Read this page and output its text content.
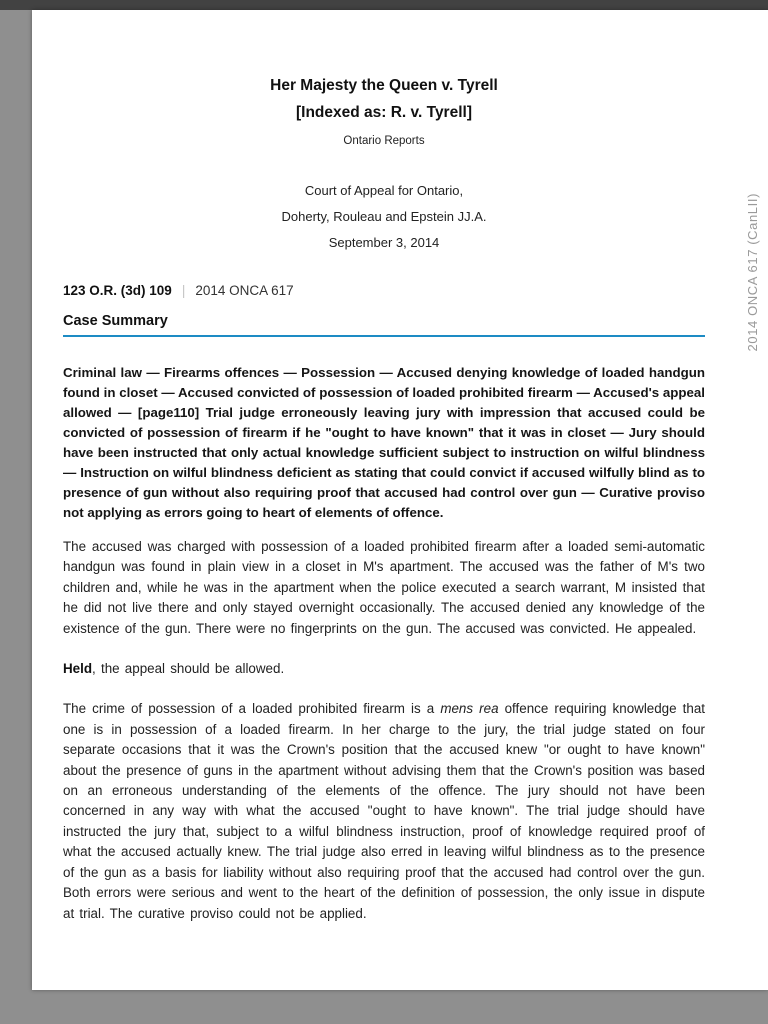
2014 ONCA 617 (CanLII)
Her Majesty the Queen v. Tyrell
[Indexed as: R. v. Tyrell]
Ontario Reports
Court of Appeal for Ontario,
Doherty, Rouleau and Epstein JJ.A.
September 3, 2014
123 O.R. (3d) 109 | 2014 ONCA 617
Case Summary

Criminal law — Firearms offences — Possession — Accused denying knowledge of loaded handgun found in closet — Accused convicted of possession of loaded prohibited firearm — Accused's appeal allowed — [page110] Trial judge erroneously leaving jury with impression that accused could be convicted of possession of firearm if he "ought to have known" that it was in closet — Jury should have been instructed that only actual knowledge sufficient subject to instruction on wilful blindness — Instruction on wilful blindness deficient as stating that could convict if accused wilfully blind as to presence of gun without also requiring proof that accused had control over gun — Curative proviso not applying as errors going to heart of elements of offence.

The accused was charged with possession of a loaded prohibited firearm after a loaded semi-automatic handgun was found in plain view in a closet in M's apartment. The accused was the father of M's two children and, while he was in the apartment when the police executed a search warrant, M insisted that he did not live there and only stayed overnight occasionally. The accused denied any knowledge of the existence of the gun. There were no fingerprints on the gun. The accused was convicted. He appealed.

Held, the appeal should be allowed.

The crime of possession of a loaded prohibited firearm is a mens rea offence requiring knowledge that one is in possession of a loaded firearm. In her charge to the jury, the trial judge stated on four separate occasions that it was the Crown's position that the accused knew "or ought to have known" about the presence of guns in the apartment without advising them that the Crown's position was based on an erroneous understanding of the elements of the offence. The jury should not have been concerned in any way with what the accused "ought to have known". The trial judge should have instructed the jury that, subject to a wilful blindness instruction, proof of knowledge required proof of what the accused actually knew. The trial judge also erred in leaving wilful blindness as to the presence of the gun as a basis for liability without also requiring proof that the accused had control over the gun. Both errors were serious and went to the heart of the definition of possession, the only issue in dispute at trial. The curative proviso could not be applied.
